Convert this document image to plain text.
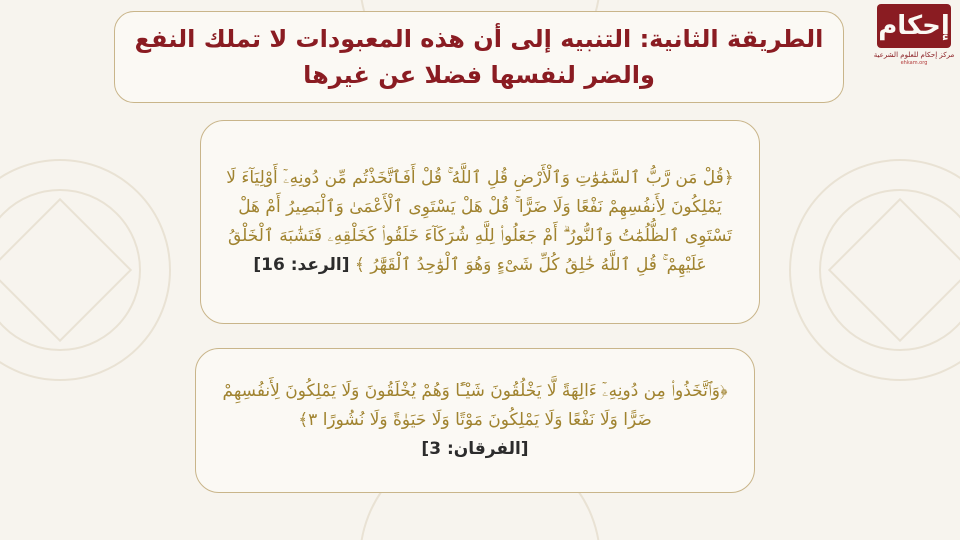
إحكام
مركز إحكام للعلوم الشرعية
ehkam.org
الطريقة الثانية: التنبيه إلى أن هذه المعبودات لا تملك النفع والضر لنفسها فضلا عن غيرها
﴿قُلْ مَن رَّبُّ ٱلسَّمَٰوَٰتِ وَٱلْأَرْضِ قُلِ ٱللَّهُ ۚ قُلْ أَفَٱتَّخَذْتُم مِّن دُونِهِۦٓ أَوْلِيَآءَ لَا يَمْلِكُونَ لِأَنفُسِهِمْ نَفْعًا وَلَا ضَرًّا ۚ قُلْ هَلْ يَسْتَوِى ٱلْأَعْمَىٰ وَٱلْبَصِيرُ أَمْ هَلْ تَسْتَوِى ٱلظُّلُمَٰتُ وَٱلنُّورُ ۗ أَمْ جَعَلُوا۟ لِلَّهِ شُرَكَآءَ خَلَقُوا۟ كَخَلْقِهِۦ فَتَشَٰبَهَ ٱلْخَلْقُ عَلَيْهِمْ ۚ قُلِ ٱللَّهُ خَٰلِقُ كُلِّ شَىْءٍ وَهُوَ ٱلْوَٰحِدُ ٱلْقَهَّٰرُ ﴾ [الرعد: 16]
﴿وَٱتَّخَذُوا۟ مِن دُونِهِۦٓ ءَالِهَةً لَّا يَخْلُقُونَ شَيْـًٔا وَهُمْ يُخْلَقُونَ وَلَا يَمْلِكُونَ لِأَنفُسِهِمْ ضَرًّا وَلَا نَفْعًا وَلَا يَمْلِكُونَ مَوْتًا وَلَا حَيَوٰةً وَلَا نُشُورًا ٣﴾
[الفرقان: 3]
